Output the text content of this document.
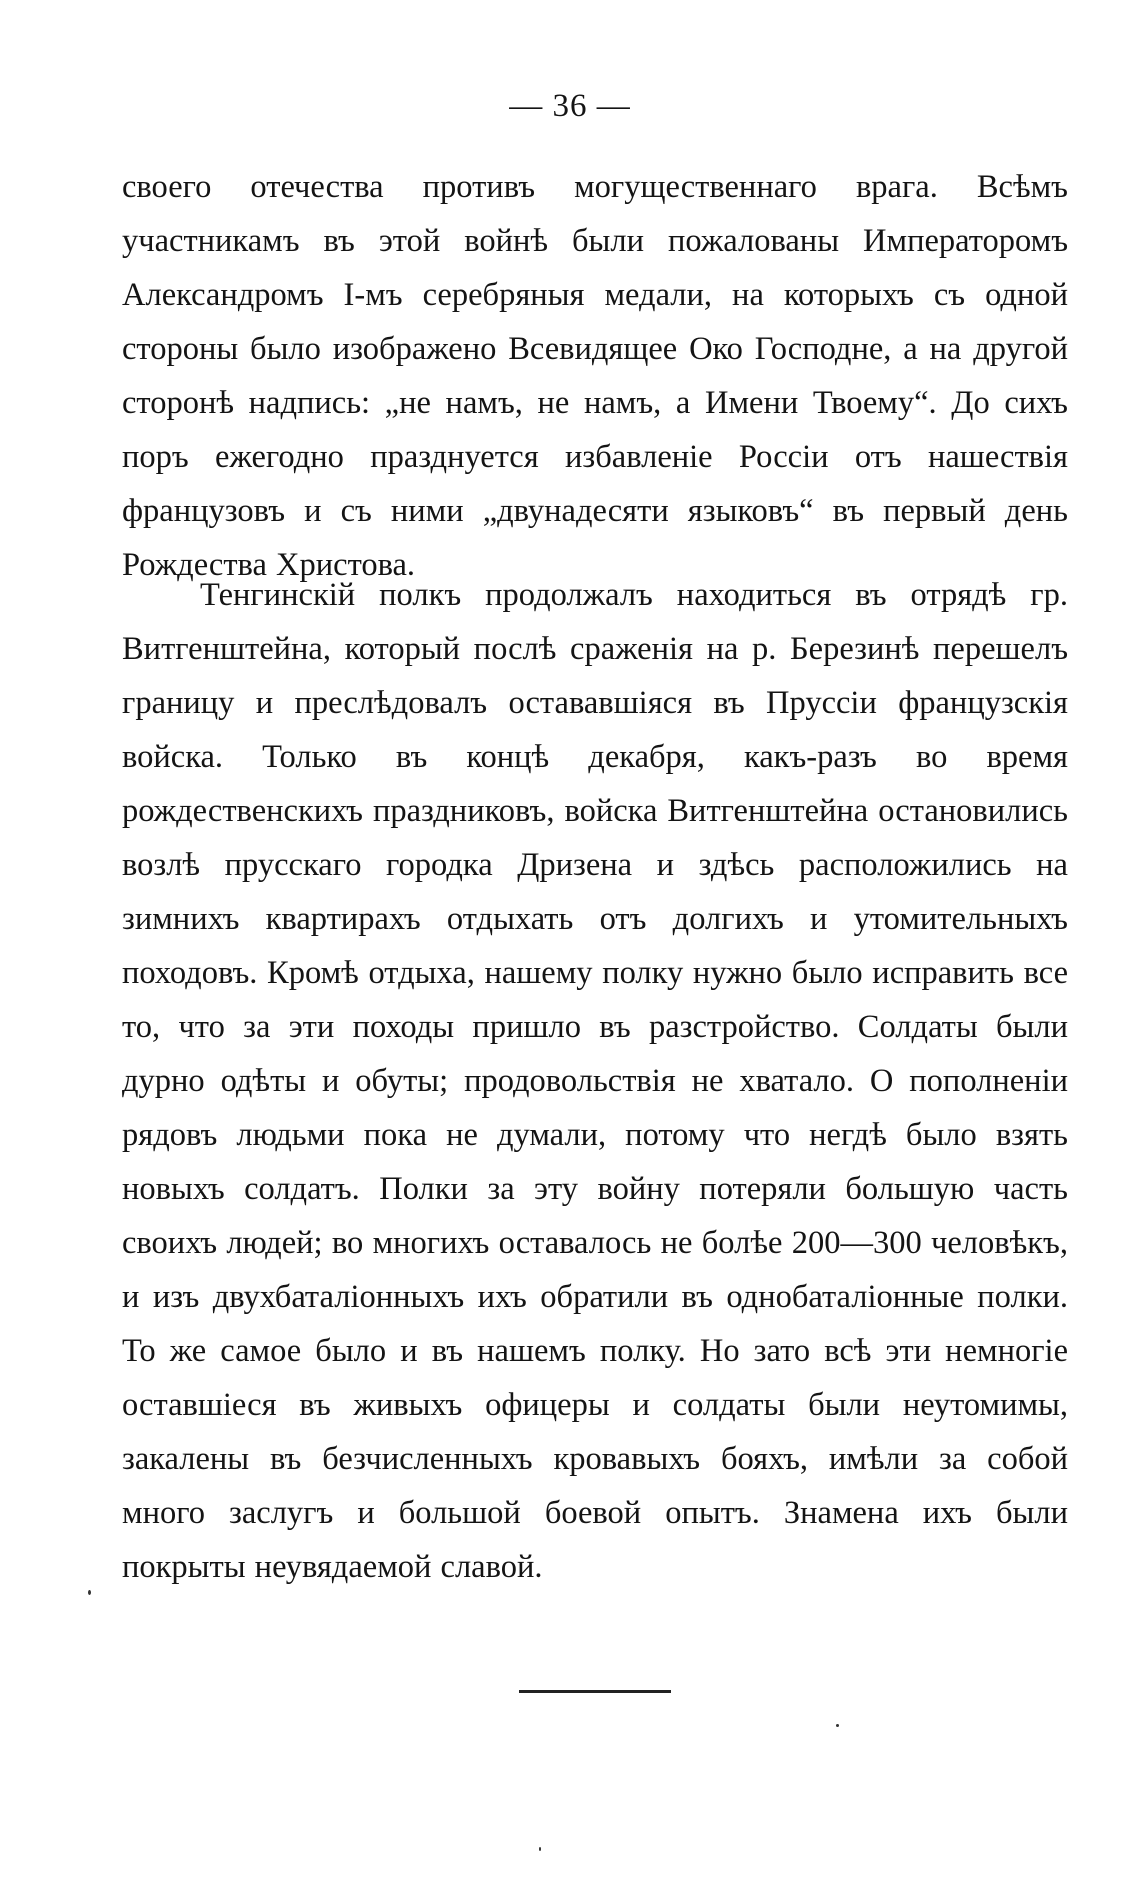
— 36 —
своего отечества противъ могущественнаго врага. Всѣмъ участникамъ въ этой войнѣ были пожалованы Императоромъ Александромъ I-мъ серебряныя медали, на которыхъ съ одной стороны было изображено Всевидящее Око Господне, а на другой сторонѣ надпись: „не намъ, не намъ, а Имени Твоему“. До сихъ поръ ежегодно празднуется избавленіе Россіи отъ нашествія французовъ и съ ними „двунадесяти языковъ“ въ первый день Рождества Христова.
Тенгинскій полкъ продолжалъ находиться въ отрядѣ гр. Витгенштейна, который послѣ сраженія на р. Березинѣ перешелъ границу и преслѣдовалъ остававшіяся въ Пруссіи французскія войска. Только въ концѣ декабря, какъ-разъ во время рождественскихъ праздниковъ, войска Витгенштейна остановились возлѣ прусскаго городка Дризена и здѣсь расположились на зимнихъ квартирахъ отдыхать отъ долгихъ и утомительныхъ походовъ. Кромѣ отдыха, нашему полку нужно было исправить все то, что за эти походы пришло въ разстройство. Солдаты были дурно одѣты и обуты; продовольствія не хватало. О пополненіи рядовъ людьми пока не думали, потому что негдѣ было взять новыхъ солдатъ. Полки за эту войну потеряли большую часть своихъ людей; во многихъ оставалось не болѣе 200—300 человѣкъ, и изъ двухбаталіонныхъ ихъ обратили въ однобаталіонные полки. То же самое было и въ нашемъ полку. Но зато всѣ эти немногіе оставшіеся въ живыхъ офицеры и солдаты были неутомимы, закалены въ безчисленныхъ кровавыхъ бояхъ, имѣли за собой много заслугъ и большой боевой опытъ. Знамена ихъ были покрыты неувядаемой славой.
